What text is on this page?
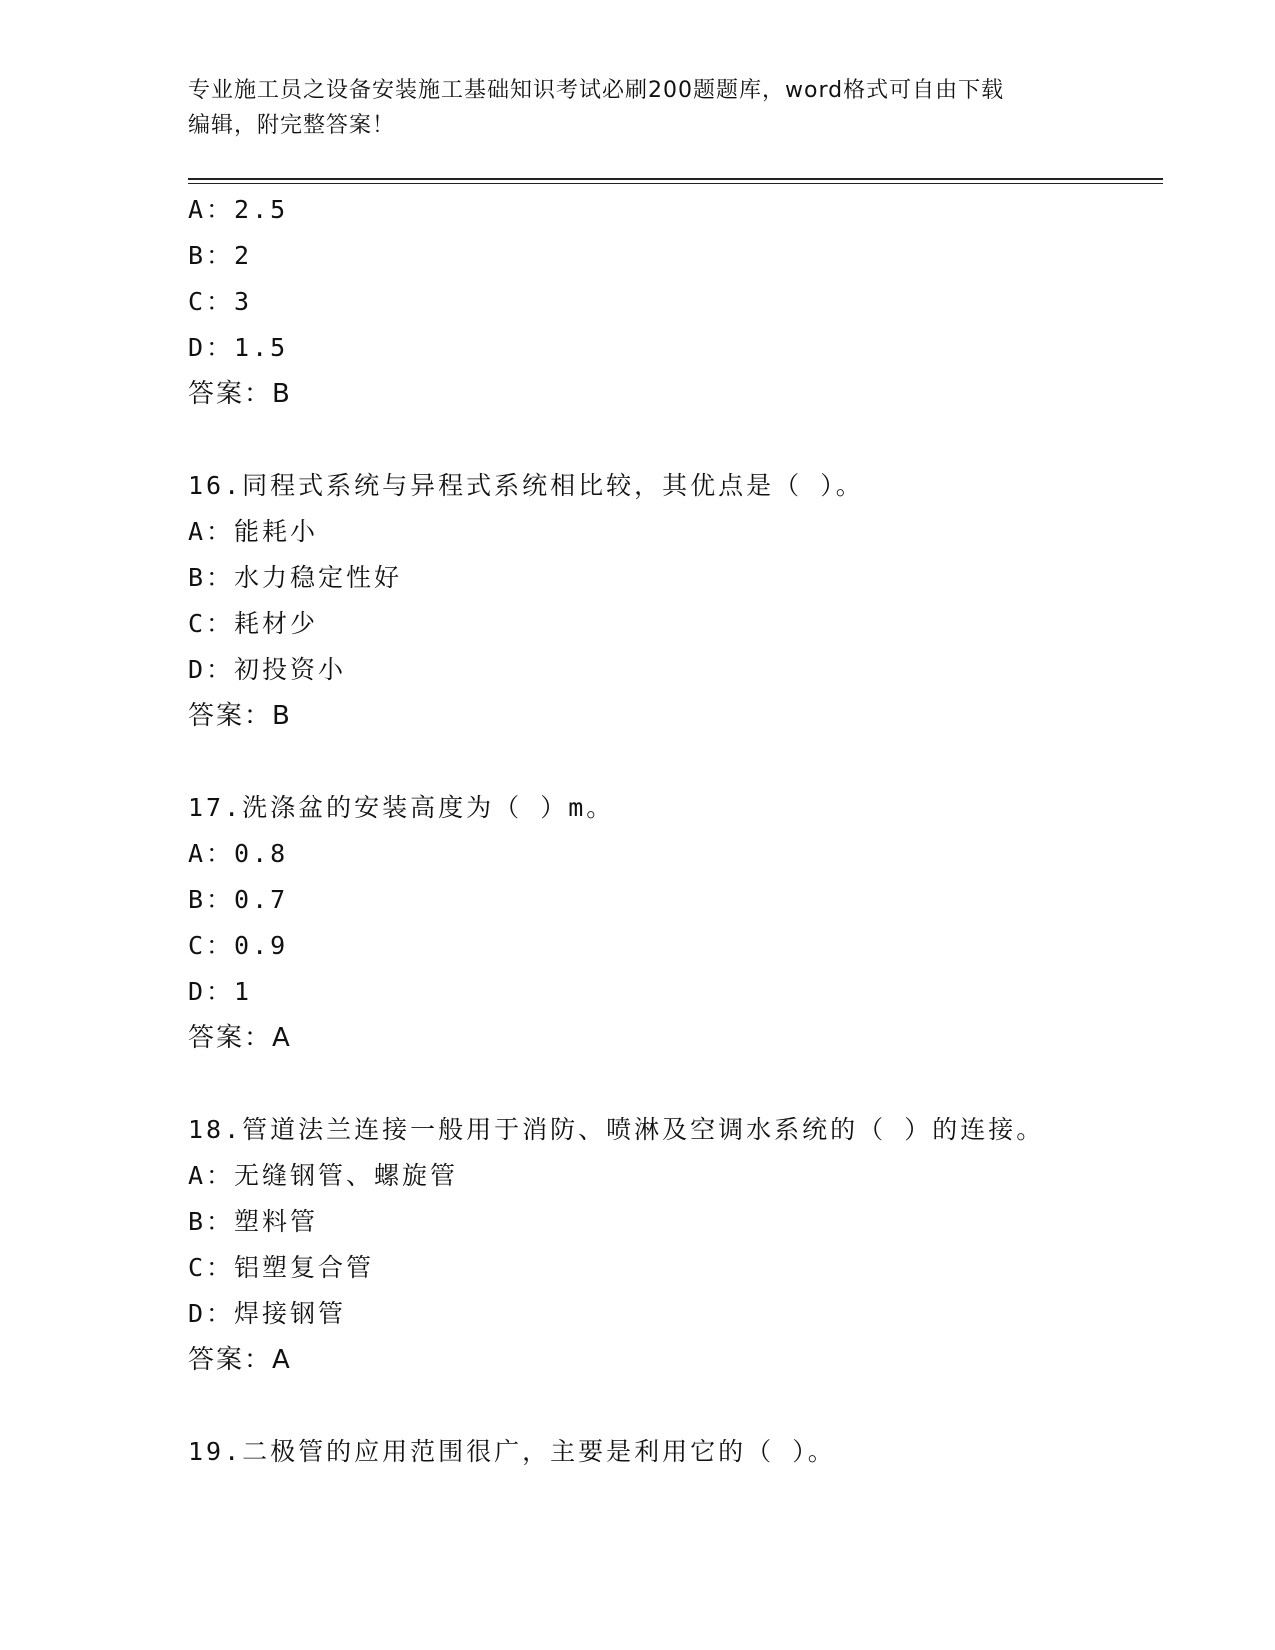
专业施工员之设备安装施工基础知识考试必刷200题题库，word格式可自由下载
编辑，附完整答案！
A：2.5
B：2
C：3
D：1.5
答案：B
16.同程式系统与异程式系统相比较，其优点是（ ）。
A：能耗小
B：水力稳定性好
C：耗材少
D：初投资小
答案：B
17.洗涤盆的安装高度为（ ）m。
A：0.8
B：0.7
C：0.9
D：1
答案：A
18.管道法兰连接一般用于消防、喷淋及空调水系统的（ ）的连接。
A：无缝钢管、螺旋管
B：塑料管
C：铝塑复合管
D：焊接钢管
答案：A
19.二极管的应用范围很广，主要是利用它的（ ）。
